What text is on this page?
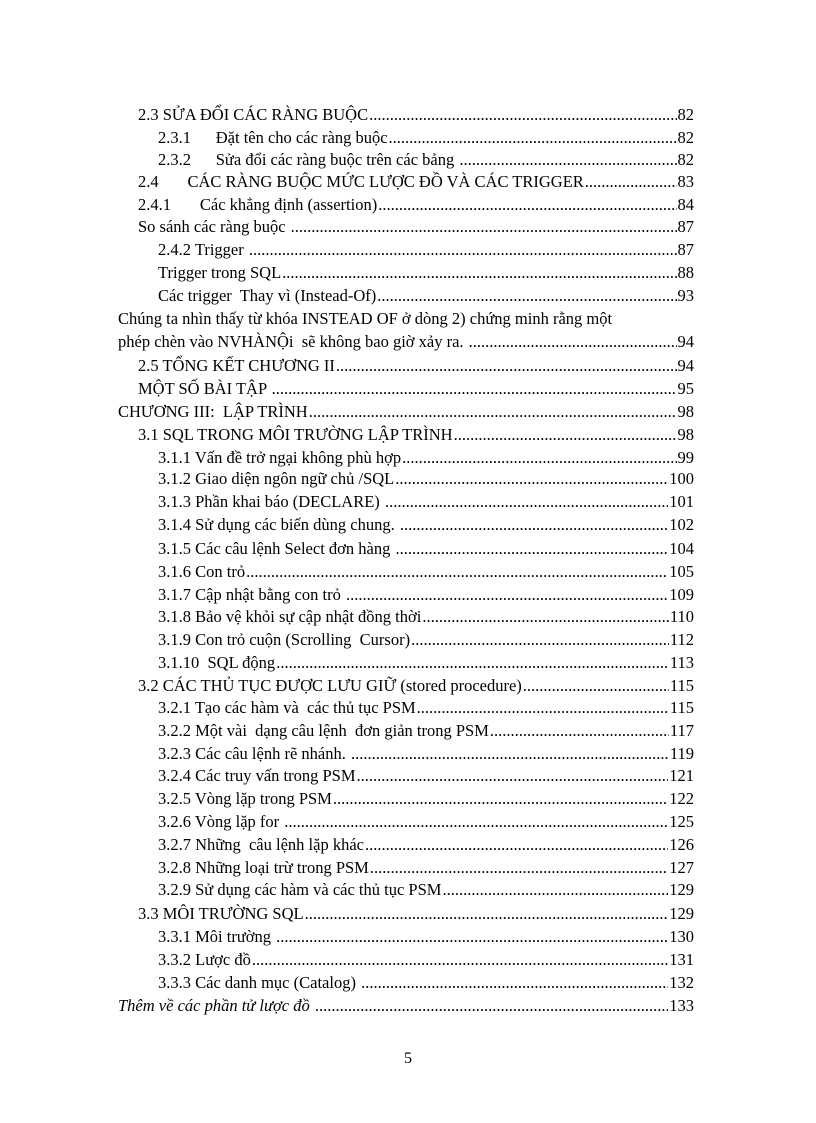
2.3 SỬA ĐỔI CÁC RÀNG BUỘC .....	82
2.3.1      Đặt tên cho các ràng buộc .....	82
2.3.2      Sửa đổi các ràng buộc trên các bảng .....	82
2.4       CÁC RÀNG BUỘC MỨC LƯỢC ĐỒ VÀ CÁC TRIGGER .....	83
2.4.1       Các khẳng định (assertion) .....	84
So sánh các ràng buộc .....	87
2.4.2 Trigger .....	87
Trigger trong SQL .....	88
Các trigger  Thay vì (Instead-Of) .....	93
Chúng ta nhìn thấy từ khóa INSTEAD OF ở dòng 2) chứng minh rằng một
phép chèn vào NVHÀNỘi  sẽ không bao giờ xảy ra. .....	94
2.5 TỔNG KẾT CHƯƠNG II .....	94
MỘT SỐ BÀI TẬP .....	95
CHƯƠNG III:  LẬP TRÌNH .....	98
3.1 SQL TRONG MÔI TRƯỜNG LẬP TRÌNH .....	98
3.1.1 Vấn đề trở ngại không phù hợp .....	99
3.1.2 Giao diện ngôn ngữ chủ /SQL .....	100
3.1.3 Phần khai báo (DECLARE) .....	101
3.1.4 Sử dụng các biến dùng chung. .....	102
3.1.5 Các câu lệnh Select đơn hàng .....	104
3.1.6 Con trỏ .....	105
3.1.7 Cập nhật bằng con trỏ .....	109
3.1.8 Bảo vệ khỏi sự cập nhật đồng thời .....	110
3.1.9 Con trỏ cuộn (Scrolling  Cursor) .....	112
3.1.10  SQL động .....	113
3.2 CÁC THỦ TỤC ĐƯỢC LƯU GIỮ (stored procedure) .....	115
3.2.1 Tạo các hàm và  các thủ tục PSM .....	115
3.2.2 Một vài  dạng câu lệnh  đơn giản trong PSM .....	117
3.2.3 Các câu lệnh rẽ nhánh. .....	119
3.2.4 Các truy vấn trong PSM .....	121
3.2.5 Vòng lặp trong PSM .....	122
3.2.6 Vòng lặp for .....	125
3.2.7 Những  câu lệnh lặp khác .....	126
3.2.8 Những loại trừ trong PSM .....	127
3.2.9 Sử dụng các hàm và các thủ tục PSM .....	129
3.3 MÔI TRƯỜNG SQL .....	129
3.3.1 Môi trường .....	130
3.3.2 Lược đồ .....	131
3.3.3 Các danh mục (Catalog) .....	132
Thêm về các phần tử lược đồ .....	133
5
